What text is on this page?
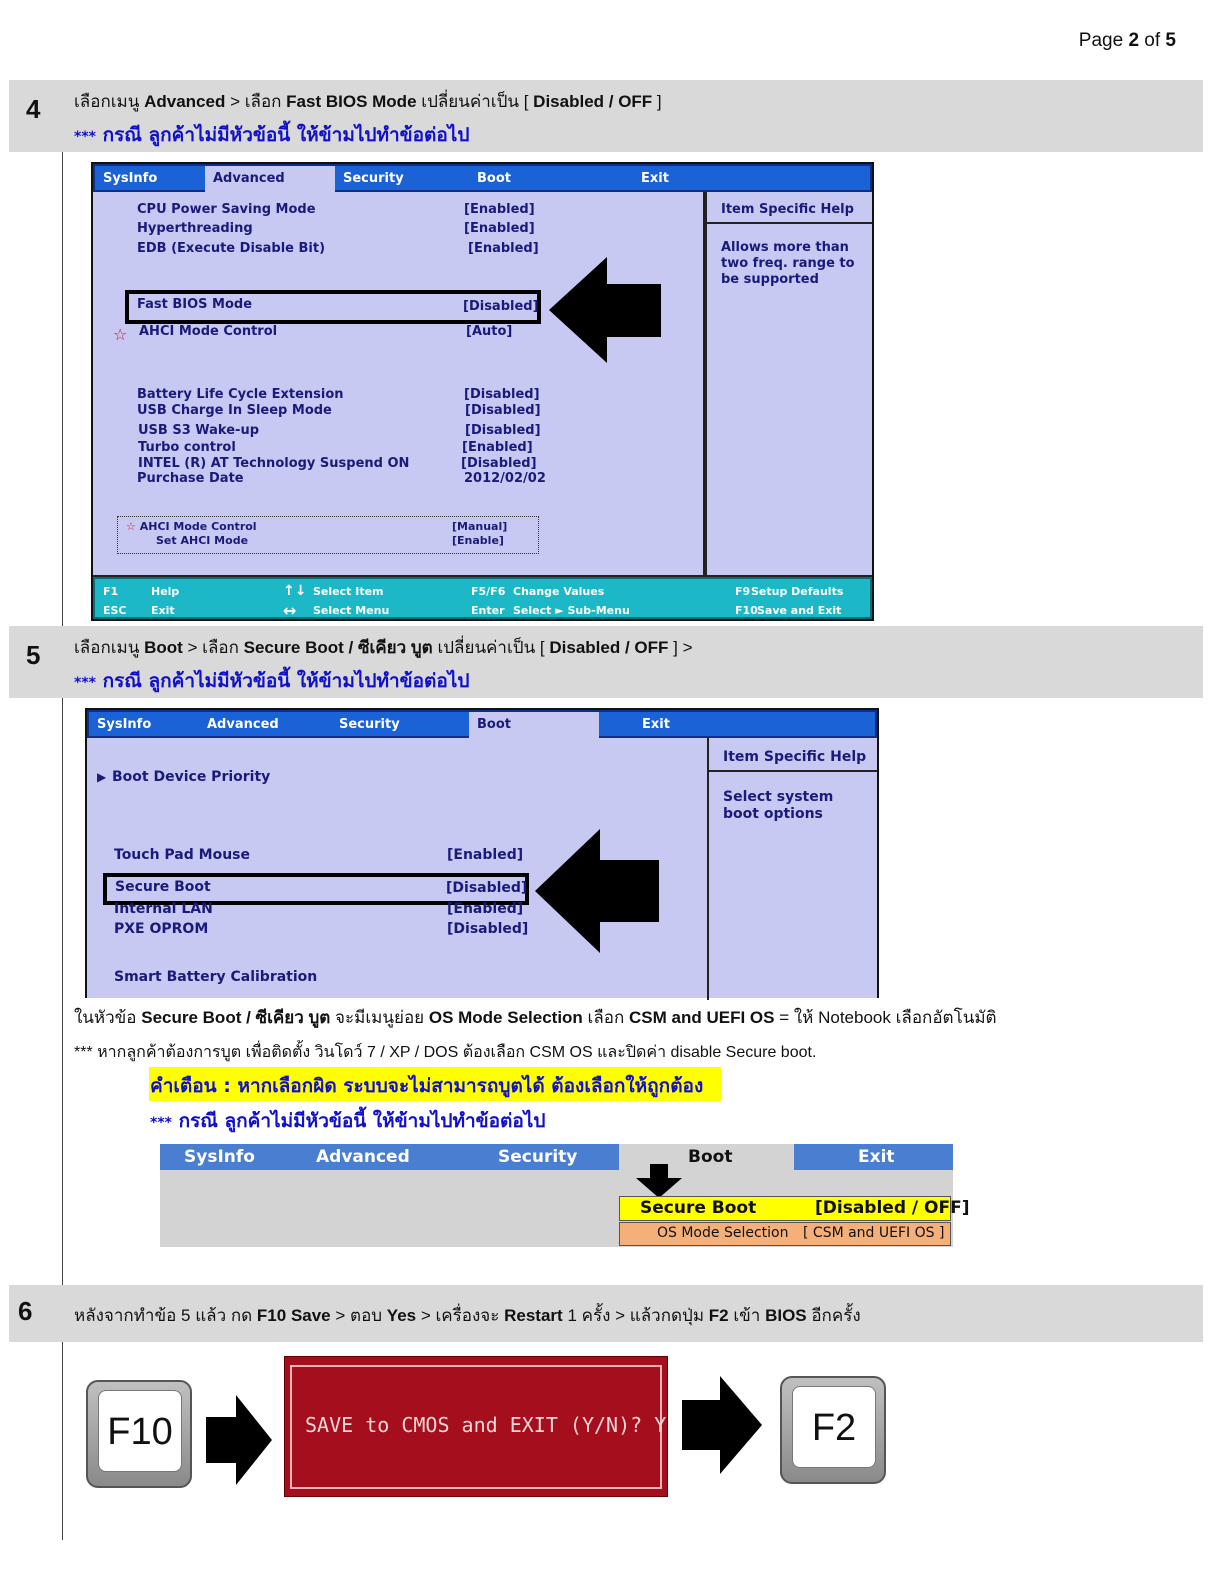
Page 2 of 5
4 เลือกเมนู Advanced > เลือก Fast BIOS Mode เปลี่ยนค่าเป็น [ Disabled / OFF ]
*** กรณี ลูกค้าไม่มีหัวข้อนี้ ให้ข้ามไปทำข้อต่อไป
SysInfo	Advanced	Security	Boot	Exit
CPU Power Saving Mode	[Enabled]
Hyperthreading	[Enabled]
EDB (Execute Disable Bit)	[Enabled]
Fast BIOS Mode	[Disabled]
☆ AHCI Mode Control	[Auto]
Battery Life Cycle Extension	[Disabled]
USB Charge In Sleep Mode	[Disabled]
USB S3 Wake-up	[Disabled]
Turbo control	[Enabled]
INTEL (R) AT Technology Suspend ON	[Disabled]
Purchase Date	2012/02/02
☆ AHCI Mode Control	[Manual]
Set AHCI Mode	[Enable]
Item Specific Help
Allows more than two freq. range to be supported
F1	Help
ESC Exit
↑↓ Select Item
↔ Select Menu
F5/F6 Change Values
Enter Select ► Sub-Menu
F9 Setup Defaults
F10 Save and Exit
5 เลือกเมนู Boot > เลือก Secure Boot / ซีเคียว บูต เปลี่ยนค่าเป็น [ Disabled / OFF ] >
*** กรณี ลูกค้าไม่มีหัวข้อนี้ ให้ข้ามไปทำข้อต่อไป
SysInfo	Advanced	Security	Boot	Exit
▶ Boot Device Priority
Touch Pad Mouse	[Enabled]
Secure Boot	[Disabled]
Internal LAN	[Enabled]
PXE OPROM	[Disabled]
Smart Battery Calibration
Item Specific Help
Select system boot options
ในหัวข้อ Secure Boot / ซีเคียว บูต จะมีเมนูย่อย OS Mode Selection เลือก CSM and UEFI OS = ให้ Notebook เลือกอัตโนมัติ
*** หากลูกค้าต้องการบูต เพื่อติดตั้ง วินโดว์ 7 / XP / DOS ต้องเลือก CSM OS และปิดค่า disable Secure boot.
คำเตือน : หากเลือกผิด ระบบจะไม่สามารถบูตได้ ต้องเลือกให้ถูกต้อง
*** กรณี ลูกค้าไม่มีหัวข้อนี้ ให้ข้ามไปทำข้อต่อไป
SysInfo	Advanced	Security	Boot	Exit
Secure Boot	[Disabled / OFF]
OS Mode Selection [ CSM and UEFI OS ]
6 หลังจากทำข้อ 5 แล้ว กด F10 Save > ตอบ Yes > เครื่องจะ Restart 1 ครั้ง > แล้วกดปุ่ม F2 เข้า BIOS อีกครั้ง
F10	SAVE to CMOS and EXIT (Y/N)? Y	F2
